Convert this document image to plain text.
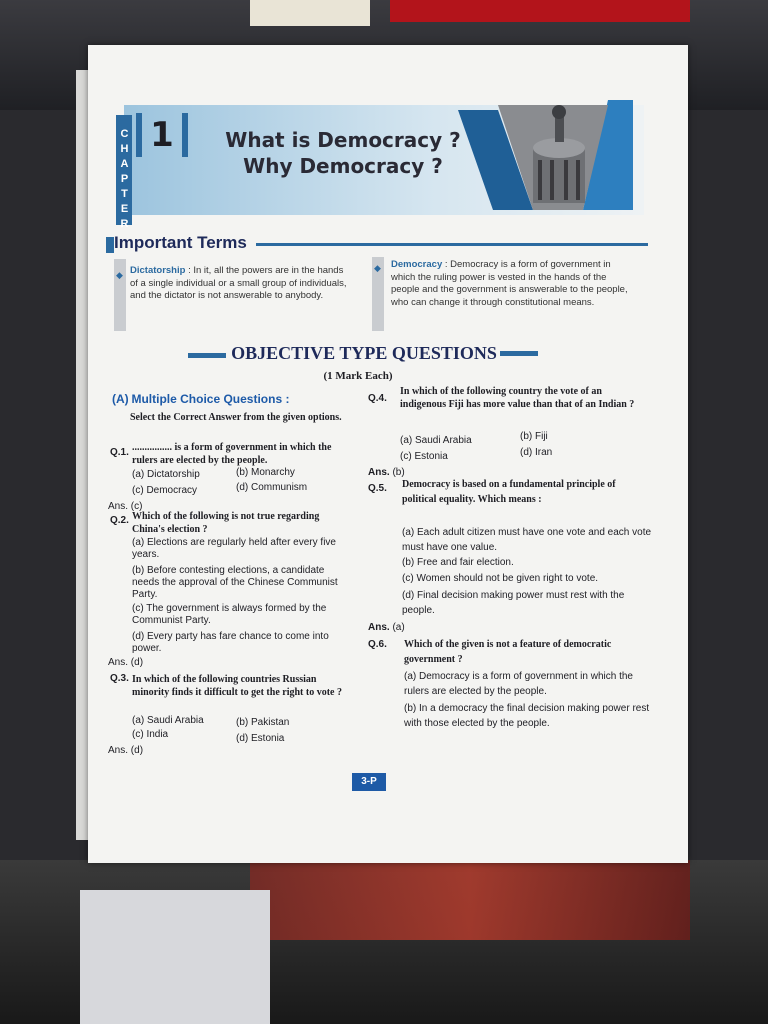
CHAPTER
1	What is Democracy ?
Why Democracy ?
Important Terms
◆ Dictatorship : In it, all the powers are in the hands of a single individual or a small group of individuals, and the dictator is not answerable to anybody.
◆ Democracy : Democracy is a form of government in which the ruling power is vested in the hands of the people and the government is answerable to the people, who can change it through constitutional means.
OBJECTIVE TYPE QUESTIONS
(1 Mark Each)
(A) Multiple Choice Questions :
Select the Correct Answer from the given options.
Q.1. ................ is a form of government in which the rulers are elected by the people.
(a) Dictatorship	(b) Monarchy
(c) Democracy	(d) Communism
Ans. (c)
Q.2. Which of the following is not true regarding China's election ?
(a) Elections are regularly held after every five years.
(b) Before contesting elections, a candidate needs the approval of the Chinese Communist Party.
(c) The government is always formed by the Communist Party.
(d) Every party has fare chance to come into power.
Ans. (d)
Q.3. In which of the following countries Russian minority finds it difficult to get the right to vote ?
(a) Saudi Arabia	(b) Pakistan
(c) India	(d) Estonia
Ans. (d)
Q.4.
In which of the following country the vote of an indigenous Fiji has more value than that of an Indian ?
(a) Saudi Arabia	(b) Fiji
(c) Estonia	(d) Iran
Ans. (b)
Q.5. Democracy is based on a fundamental principle of political equality. Which means :
(a) Each adult citizen must have one vote and each vote must have one value.
(b) Free and fair election.
(c) Women should not be given right to vote.
(d) Final decision making power must rest with the people.
Ans. (a)
Q.6. Which of the given is not a feature of democratic government ?
(a) Democracy is a form of government in which the rulers are elected by the people.
(b) In a democracy the final decision making power rest with those elected by the people.
3-P
